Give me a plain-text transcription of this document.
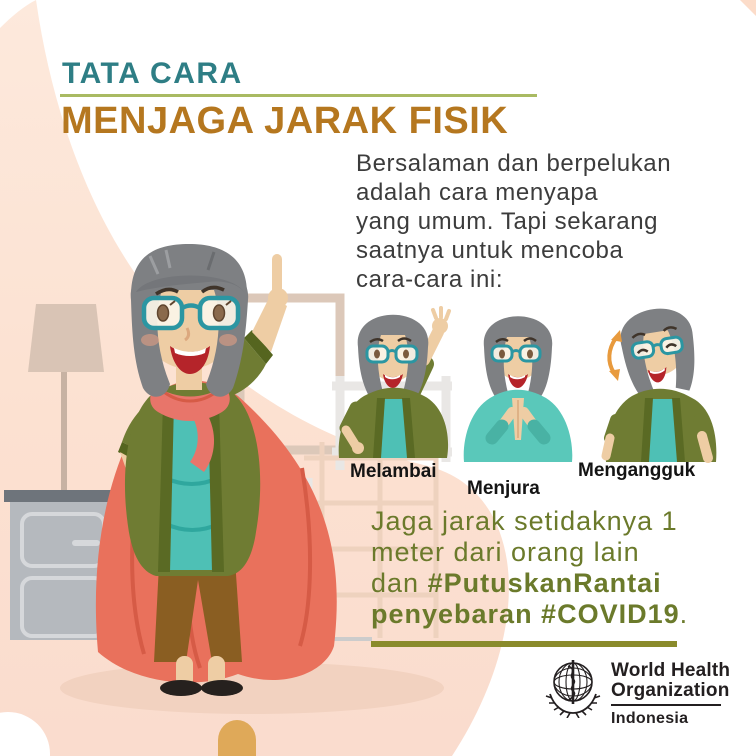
TATA CARA
MENJAGA JARAK FISIK
Bersalaman dan berpelukan
adalah cara menyapa
yang umum. Tapi sekarang
saatnya untuk mencoba
cara-cara ini:
Melambai
Menjura
Mengangguk
Jaga jarak setidaknya 1
meter dari orang lain
dan #PutuskanRantai
penyebaran #COVID19.
World Health
Organization
Indonesia
